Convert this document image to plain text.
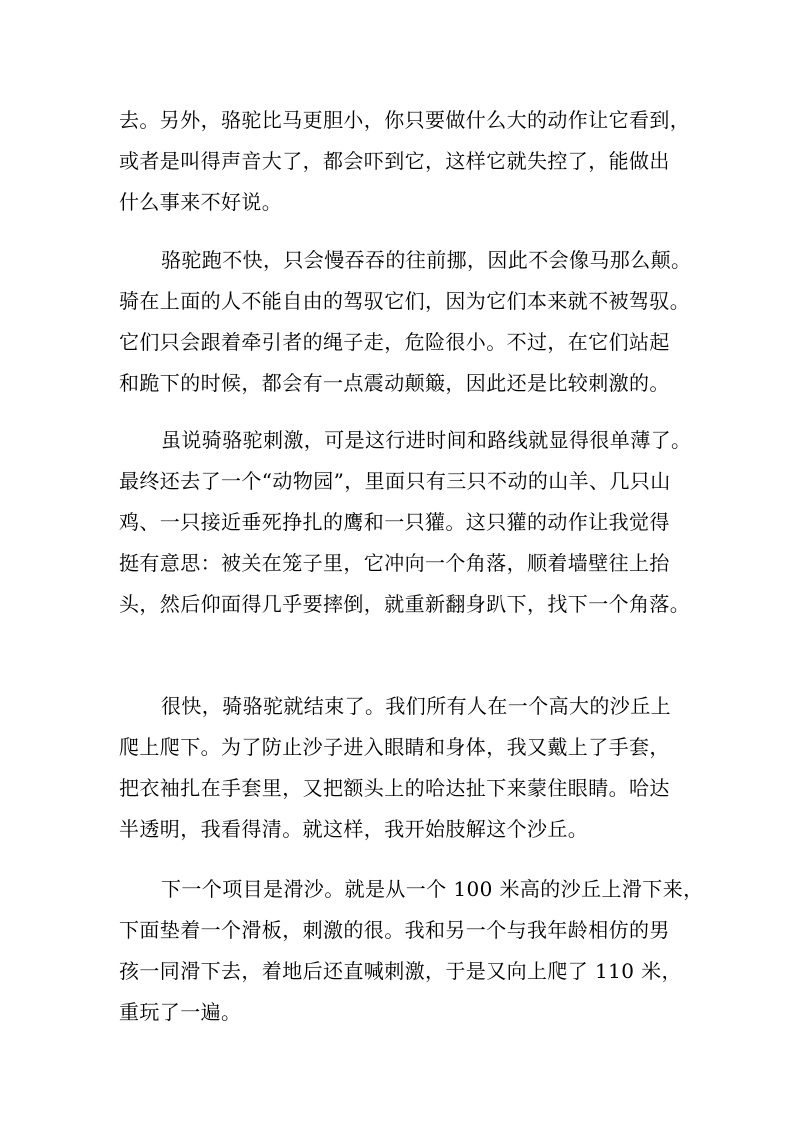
去。另外，骆驼比马更胆小，你只要做什么大的动作让它看到，
或者是叫得声音大了，都会吓到它，这样它就失控了，能做出
什么事来不好说。
骆驼跑不快，只会慢吞吞的往前挪，因此不会像马那么颠。
骑在上面的人不能自由的驾驭它们，因为它们本来就不被驾驭。
它们只会跟着牵引者的绳子走，危险很小。不过，在它们站起
和跪下的时候，都会有一点震动颠簸，因此还是比较刺激的。
虽说骑骆驼刺激，可是这行进时间和路线就显得很单薄了。
最终还去了一个“动物园”，里面只有三只不动的山羊、几只山
鸡、一只接近垂死挣扎的鹰和一只獾。这只獾的动作让我觉得
挺有意思：被关在笼子里，它冲向一个角落，顺着墙壁往上抬
头，然后仰面得几乎要摔倒，就重新翻身趴下，找下一个角落。
很快，骑骆驼就结束了。我们所有人在一个高大的沙丘上
爬上爬下。为了防止沙子进入眼睛和身体，我又戴上了手套，
把衣袖扎在手套里，又把额头上的哈达扯下来蒙住眼睛。哈达
半透明，我看得清。就这样，我开始肢解这个沙丘。
下一个项目是滑沙。就是从一个 100 米高的沙丘上滑下来，
下面垫着一个滑板，刺激的很。我和另一个与我年龄相仿的男
孩一同滑下去，着地后还直喊刺激，于是又向上爬了 110 米，
重玩了一遍。
